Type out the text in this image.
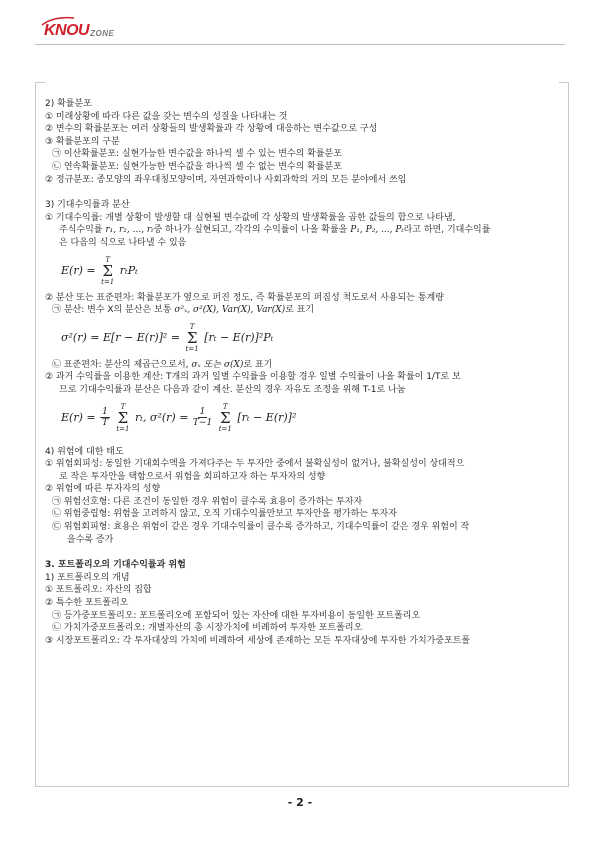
KNOU ZONE
2) 확률분포
① 미래상황에 따라 다른 값을 갖는 변수의 성질을 나타내는 것
② 변수의 확률분포는 여러 상황들의 발생확률과 각 상황에 대응하는 변수값으로 구성
③ 확률분포의 구분
㉠ 이산확률분포: 실현가능한 변수값을 하나씩 셀 수 있는 변수의 확률분포
㉡ 연속확률분포: 실현가능한 변수값을 하나씩 셀 수 없는 변수의 확률분포
② 정규분포: 종모양의 좌우대칭모양이며, 자연과학이나 사회과학의 거의 모든 분야에서 쓰임
3) 기대수익률과 분산
① 기대수익률: 개별 상황이 발생할 대 실현될 변수값에 각 상황의 발생확률을 곱한 값들의 합으로 나타냄,
주식수익률 r₁, r₂, ..., rₜ중 하나가 실현되고, 각각의 수익률이 나올 확률을 P₁, P₂, ..., Pₜ라고 하면, 기대수익률
은 다음의 식으로 나타낼 수 있음
E(r) =
T
Σ
t=1
rₜPₜ
② 분산 또는 표준편차: 확률분포가 옆으로 퍼진 정도, 즉 확률분포의 퍼짐성 척도로서 사용되는 통계량
㉠ 분산: 변수 X의 분산은 보통 σ²ₓ, σ²(X), Var(X), Var(X)로 표기
σ²(r) = E[r − E(r)]² =
T
Σ
t=1
[rₜ − E(r)]²Pₜ
㉡ 표준편차: 분산의 제곱근으로서, σₓ 또는 σ(X)로 표기
② 과거 수익률을 이용한 계산: T개의 과거 일별 수익률을 이용할 경우 일별 수익률이 나올 확률이 1/T로 보
므로 기대수익률과 분산은 다음과 같이 계산. 분산의 경우 자유도 조정을 위해 T-1로 나눔
$E(r) = \frac{1}{T}$

T
Σ
t=1
rₜ, $\sigma^2(r) = \frac{1}{T-1}$

T
Σ
t=1
[rₜ − E(r)]²
4) 위험에 대한 태도
① 위험회피성: 동일한 기대회수액을 가져다주는 두 투자안 중에서 불확실성이 없거나, 불확실성이 상대적으
로 작은 투자안을 택함으로서 위험을 회피하고자 하는 투자자의 성향
② 위험에 따른 투자자의 성향
㉠ 위험선호형: 다른 조건이 동일한 경우 위험이 클수록 효용이 증가하는 투자자
㉡ 위험중립형: 위험을 고려하지 않고, 오직 기대수익률만보고 투자안을 평가하는 투자자
㉢ 위험회피형: 효용은 위험이 같은 경우 기대수익률이 클수록 증가하고, 기대수익률이 같은 경우 위험이 작
을수록 증가
3. 포트폴리오의 기대수익률과 위험
1) 포트폴리오의 개념
① 포트폴리오: 자산의 집합
② 특수한 포트폴리오
㉠ 등가중포트폴리오: 포트폴리오에 포함되어 있는 자산에 대한 투자비용이 동일한 포트폴리오
㉡ 가치가중포트폴리오: 개별자산의 총 시장가치에 비례하여 투자한 포트폴리오
③ 시장포트폴리오: 각 투자대상의 가치에 비례하여 세상에 존재하는 모든 투자대상에 투자한 가치가중포트폴
- 2 -
